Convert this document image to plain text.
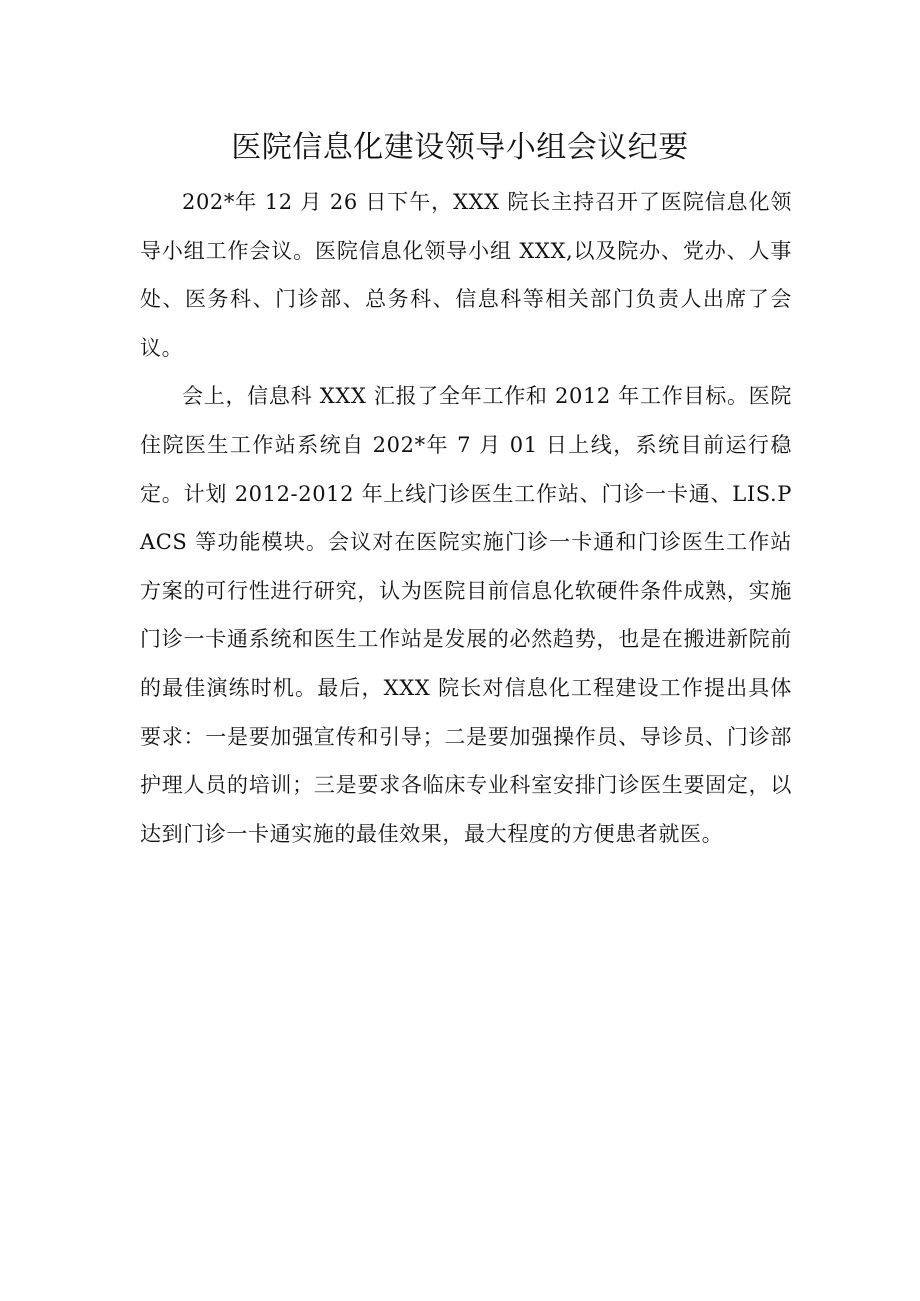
医院信息化建设领导小组会议纪要

202*年 12 月 26 日下午，XXX 院长主持召开了医院信息化领导小组工作会议。医院信息化领导小组 XXX,以及院办、党办、人事处、医务科、门诊部、总务科、信息科等相关部门负责人出席了会议。

会上，信息科 XXX 汇报了全年工作和 2012 年工作目标。医院住院医生工作站系统自 202*年 7 月 01 日上线，系统目前运行稳定。计划 2012-2012 年上线门诊医生工作站、门诊一卡通、LIS.PACS 等功能模块。会议对在医院实施门诊一卡通和门诊医生工作站方案的可行性进行研究，认为医院目前信息化软硬件条件成熟，实施门诊一卡通系统和医生工作站是发展的必然趋势，也是在搬进新院前的最佳演练时机。最后，XXX 院长对信息化工程建设工作提出具体要求：一是要加强宣传和引导；二是要加强操作员、导诊员、门诊部护理人员的培训；三是要求各临床专业科室安排门诊医生要固定，以达到门诊一卡通实施的最佳效果，最大程度的方便患者就医。
